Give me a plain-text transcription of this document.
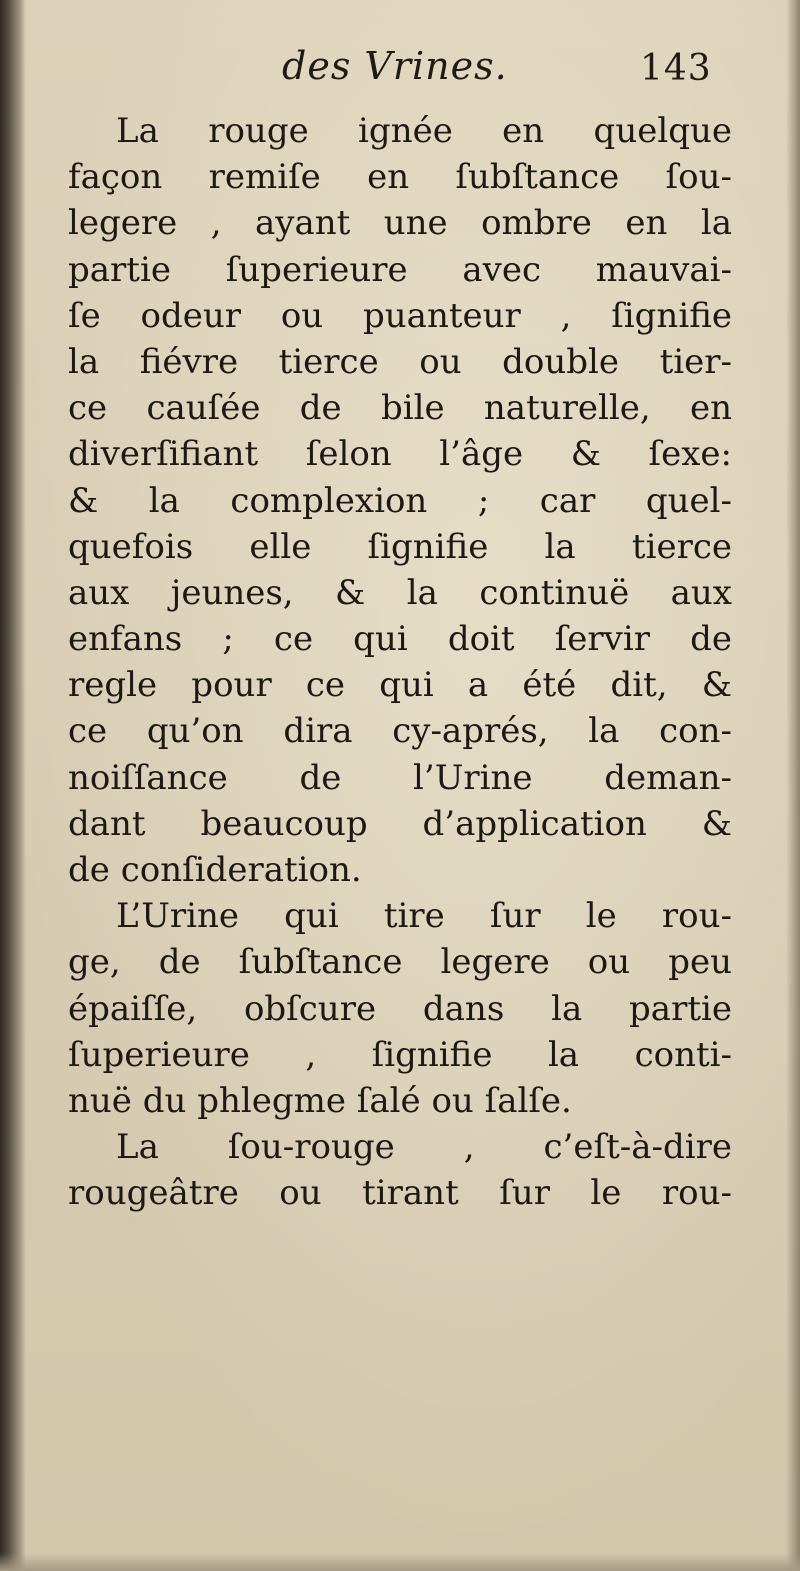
des Vrines.	143
La rouge ignée en quelque
façon remiſe en ſubſtance ſou-
legere , ayant une ombre en la
partie ſuperieure avec mauvai-
ſe odeur ou puanteur , ſignifie
la fiévre tierce ou double tier-
ce cauſée de bile naturelle, en
diverſifiant ſelon l’âge & ſexe:
& la complexion ; car quel-
quefois elle ſignifie la tierce
aux jeunes, & la continuë aux
enfans ; ce qui doit ſervir de
regle pour ce qui a été dit, &
ce qu’on dira cy-aprés, la con-
noiſſance de l’Urine deman-
dant beaucoup d’application &
de conſideration.
L’Urine qui tire ſur le rou-
ge, de ſubſtance legere ou peu
épaiſſe, obſcure dans la partie
ſuperieure , ſignifie la conti-
nuë du phlegme ſalé ou ſalſe.
La ſou-rouge , c’eſt-à-dire
rougeâtre ou tirant ſur le rou-
